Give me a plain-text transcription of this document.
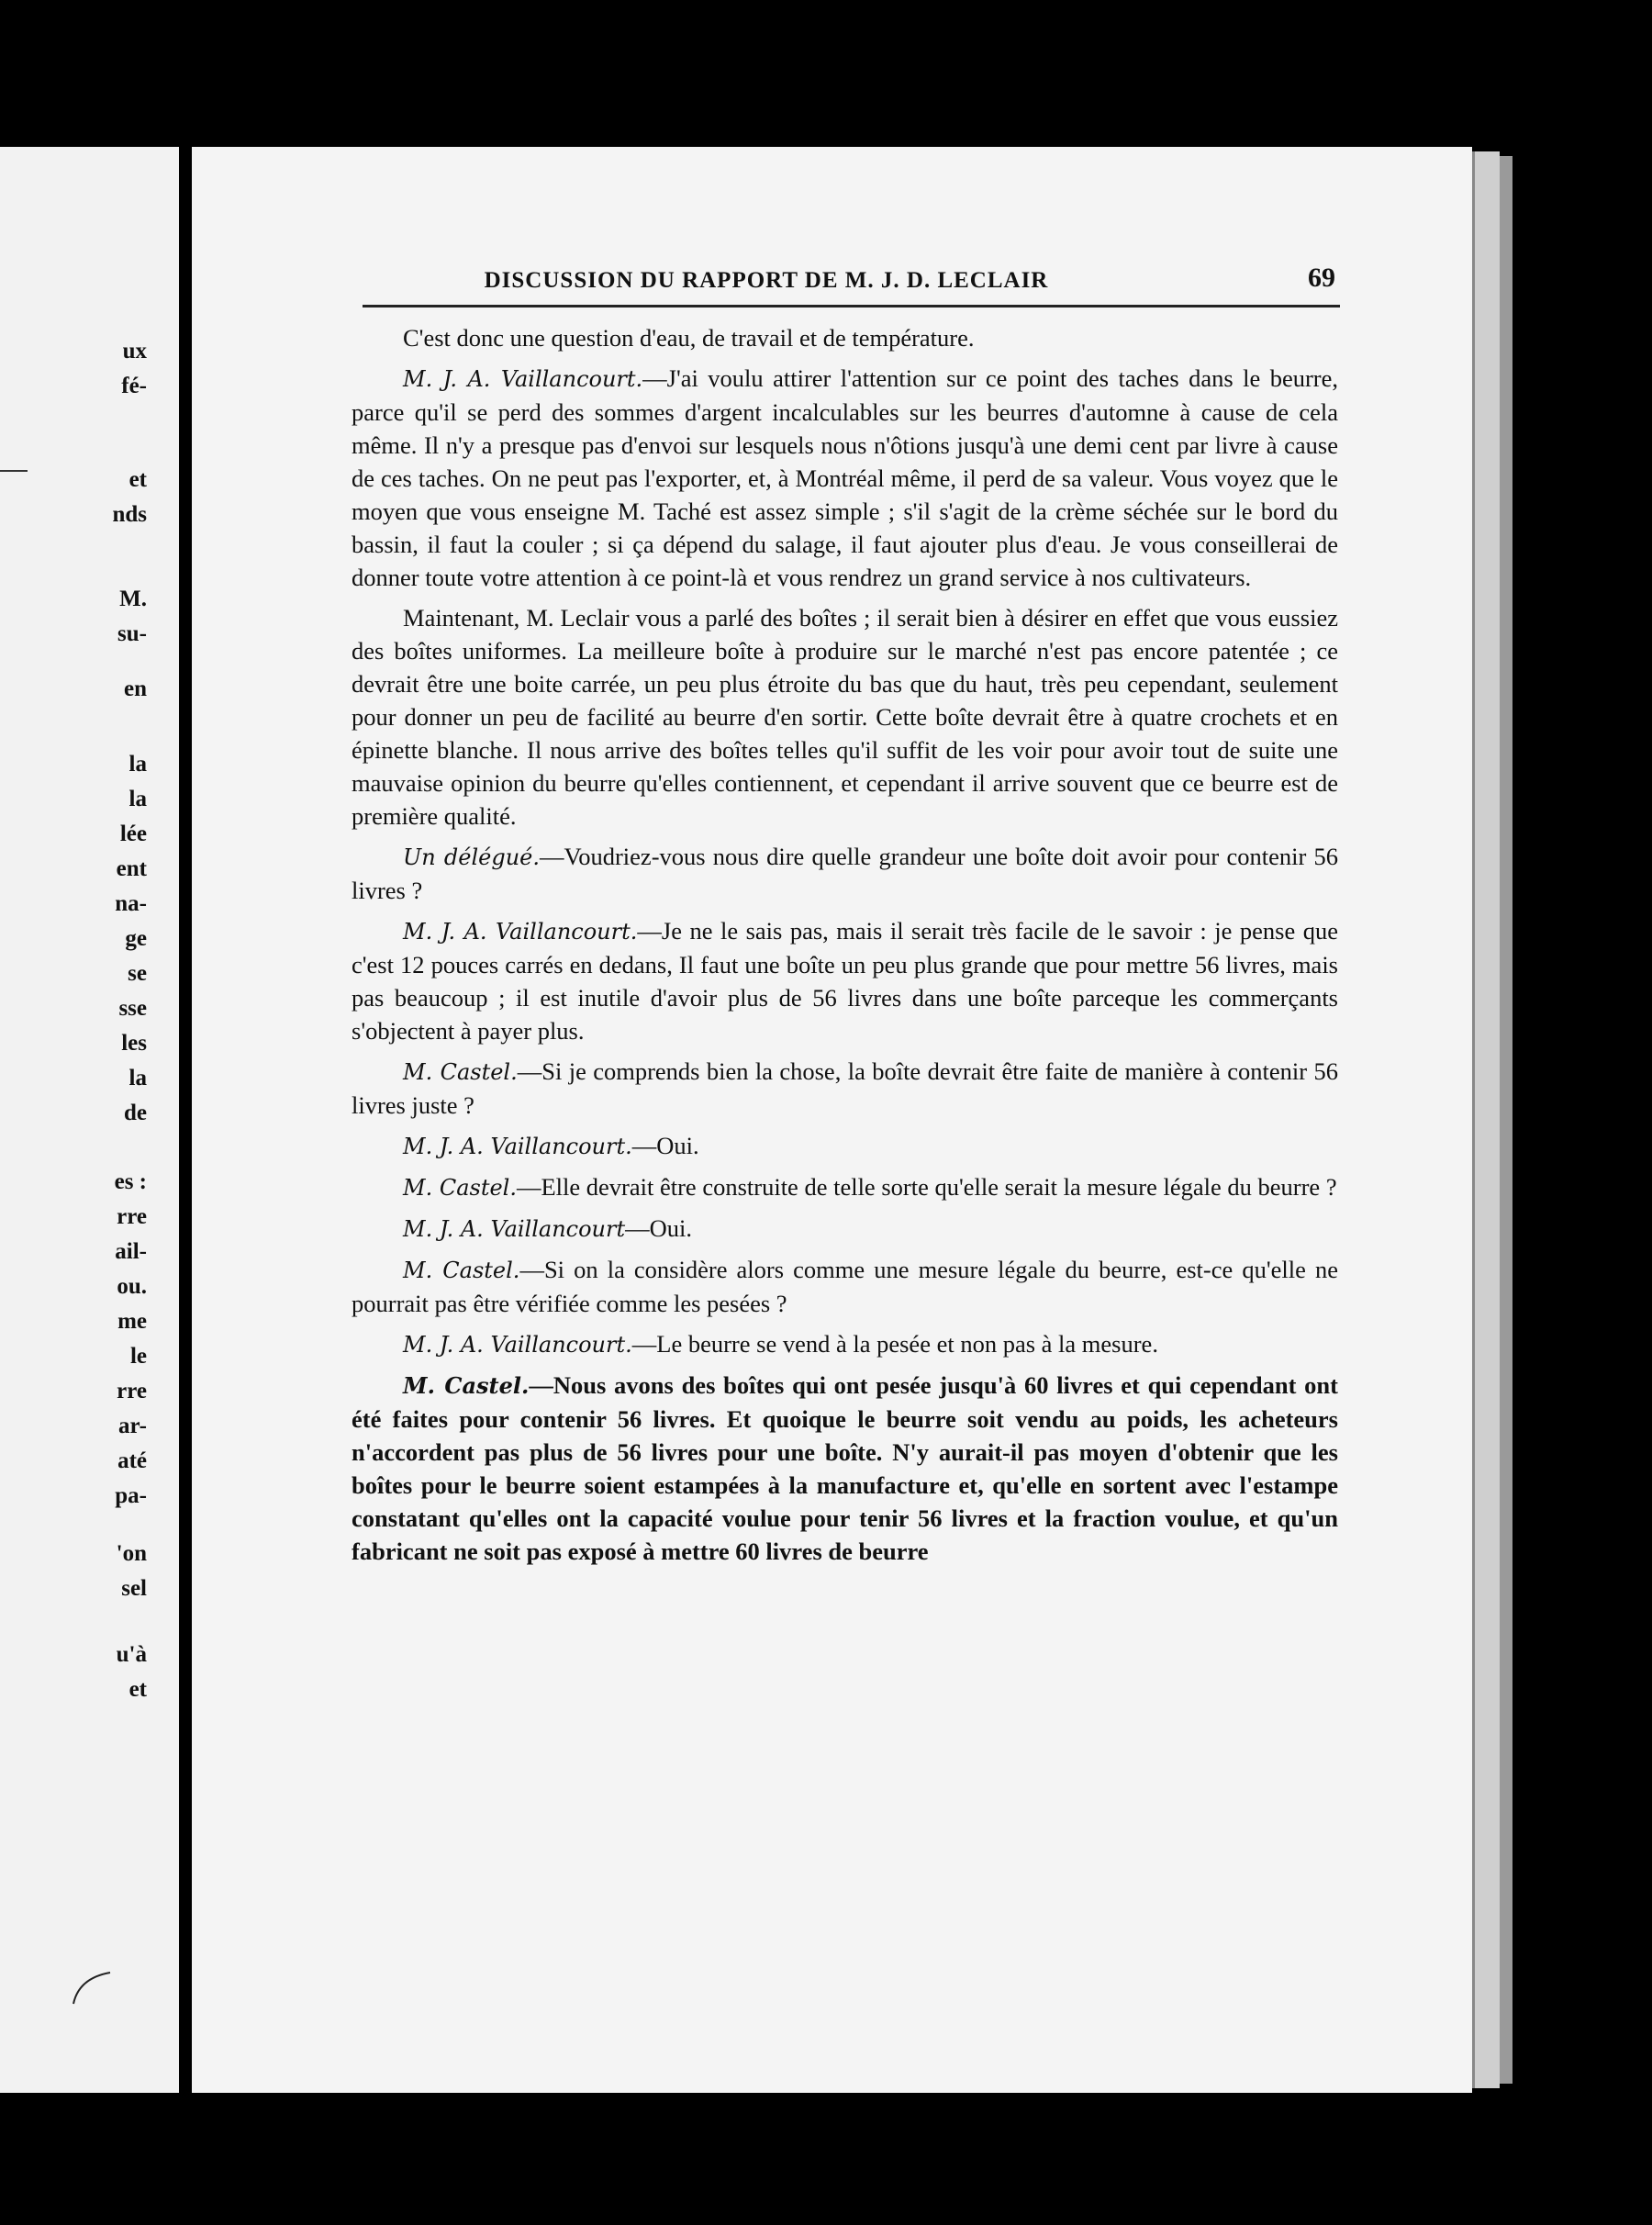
ux
fé-
et
nds
M.
su-
en
la
la
lée
ent
na-
ge
se
sse
les
la
de
es :
rre
ail-
ou.
me
le
rre
ar-
até
pa-
'on
sel
u'à
et
DISCUSSION DU RAPPORT DE M. J. D. LECLAIR	69

C'est donc une question d'eau, de travail et de température.

M. J. A. Vaillancourt.—J'ai voulu attirer l'attention sur ce point des taches dans le beurre, parce qu'il se perd des sommes d'argent incalculables sur les beurres d'automne à cause de cela même. Il n'y a presque pas d'envoi sur lesquels nous n'ôtions jusqu'à une demi cent par livre à cause de ces taches. On ne peut pas l'exporter, et, à Montréal même, il perd de sa valeur. Vous voyez que le moyen que vous enseigne M. Taché est assez simple ; s'il s'agit de la crème séchée sur le bord du bassin, il faut la couler ; si ça dépend du salage, il faut ajouter plus d'eau. Je vous conseillerai de donner toute votre attention à ce point-là et vous rendrez un grand service à nos cultivateurs.

Maintenant, M. Leclair vous a parlé des boîtes ; il serait bien à désirer en effet que vous eussiez des boîtes uniformes. La meilleure boîte à produire sur le marché n'est pas encore patentée ; ce devrait être une boite carrée, un peu plus étroite du bas que du haut, très peu cependant, seulement pour donner un peu de facilité au beurre d'en sortir. Cette boîte devrait être à quatre crochets et en épinette blanche. Il nous arrive des boîtes telles qu'il suffit de les voir pour avoir tout de suite une mauvaise opinion du beurre qu'elles contiennent, et cependant il arrive souvent que ce beurre est de première qualité.

Un délégué.—Voudriez-vous nous dire quelle grandeur une boîte doit avoir pour contenir 56 livres ?

M. J. A. Vaillancourt.—Je ne le sais pas, mais il serait très facile de le savoir : je pense que c'est 12 pouces carrés en dedans, Il faut une boîte un peu plus grande que pour mettre 56 livres, mais pas beaucoup ; il est inutile d'avoir plus de 56 livres dans une boîte parceque les commerçants s'objectent à payer plus.

M. Castel.—Si je comprends bien la chose, la boîte devrait être faite de manière à contenir 56 livres juste ?

M. J. A. Vaillancourt.—Oui.

M. Castel.—Elle devrait être construite de telle sorte qu'elle serait la mesure légale du beurre ?

M. J. A. Vaillancourt—Oui.

M. Castel.—Si on la considère alors comme une mesure légale du beurre, est-ce qu'elle ne pourrait pas être vérifiée comme les pesées ?

M. J. A. Vaillancourt.—Le beurre se vend à la pesée et non pas à la mesure.

M. Castel.—Nous avons des boîtes qui ont pesée jusqu'à 60 livres et qui cependant ont été faites pour contenir 56 livres. Et quoique le beurre soit vendu au poids, les acheteurs n'accordent pas plus de 56 livres pour une boîte. N'y aurait-il pas moyen d'obtenir que les boîtes pour le beurre soient estampées à la manufacture et, qu'elle en sortent avec l'estampe constatant qu'elles ont la capacité voulue pour tenir 56 livres et la fraction voulue, et qu'un fabricant ne soit pas exposé à mettre 60 livres de beurre
